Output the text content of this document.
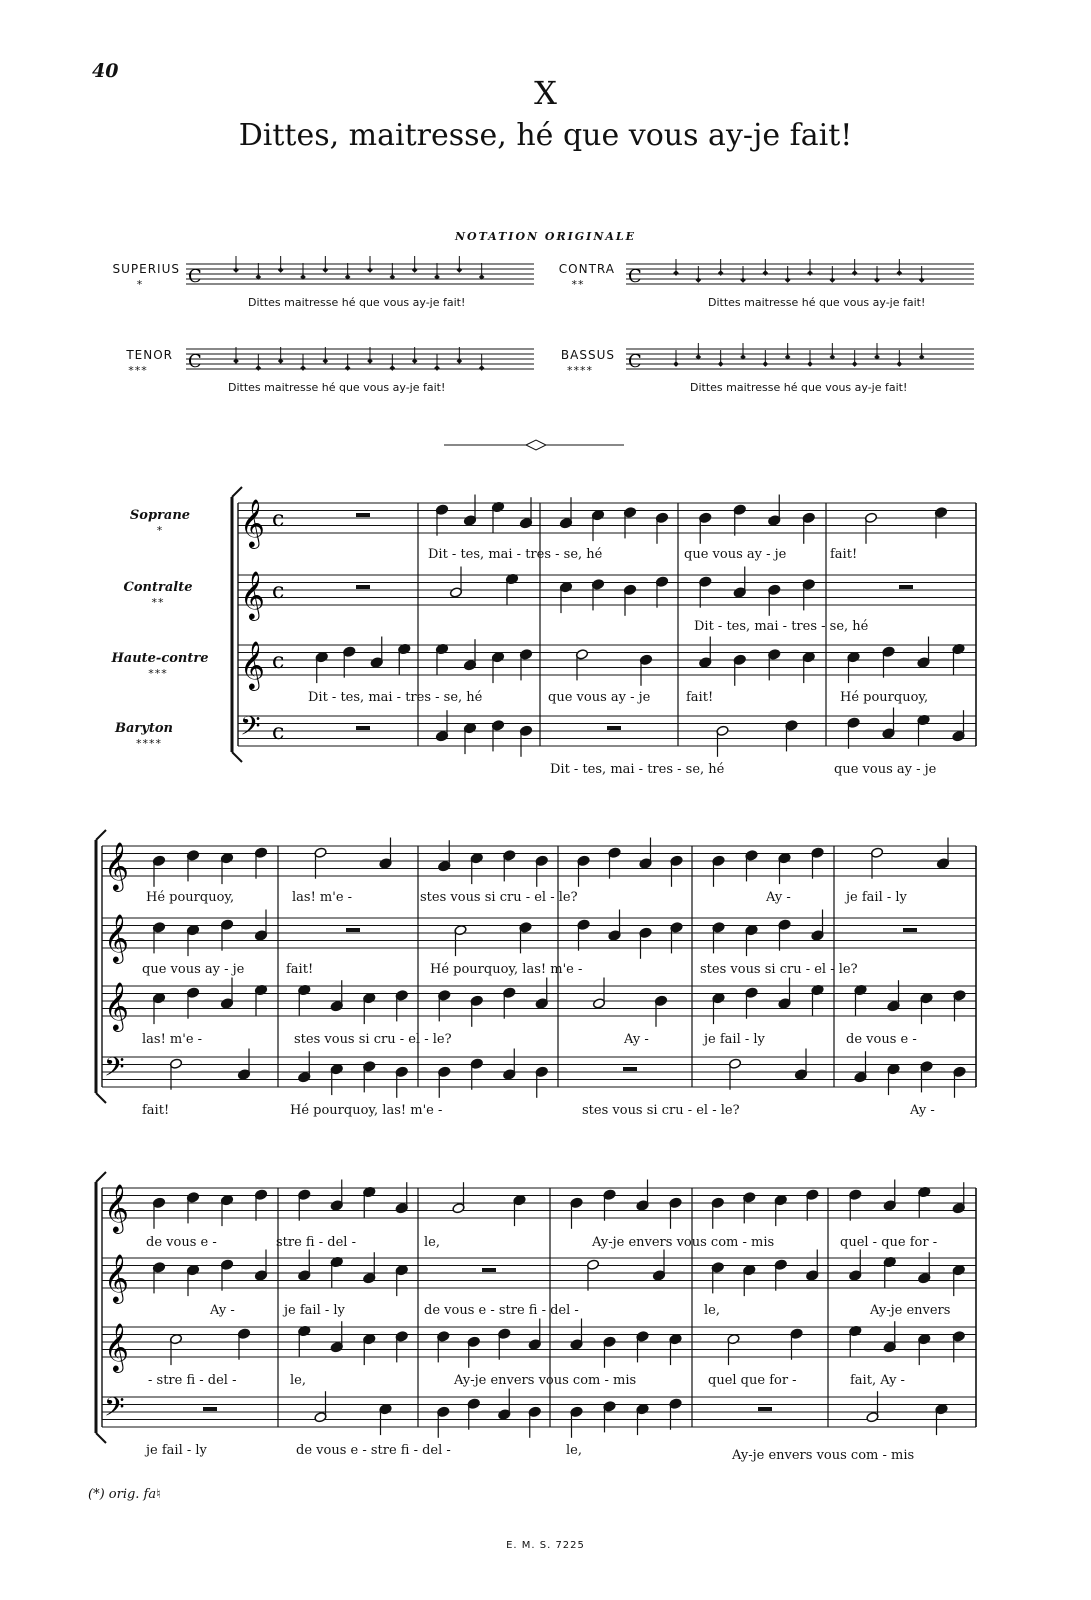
40
X
Dittes, maitresse, hé que vous ay-je fait!
NOTATION ORIGINALE
SUPERIUS
*
Dittes maitresse hé que vous ay-je fait!
CONTRA
**
Dittes maitresse hé que vous ay-je fait!
TENOR
***
Dittes maitresse hé que vous ay-je fait!
BASSUS
****
Dittes maitresse hé que vous ay-je fait!
Soprane
*
Contralte
**
Haute-contre
***
Baryton
****
Dit - tes, mai - tres - se, hé	que vous ay - je	fait!
Dit - tes, mai - tres - se, hé
Dit - tes, mai - tres - se, hé	que vous ay - je	fait!	Hé pourquoy,
Dit - tes, mai - tres - se, hé	que vous ay - je
Hé pourquoy,	las! m'e -	stes vous si cru - el - le?	Ay -	je fail - ly
que vous ay - je	fait!	Hé pourquoy, las! m'e -	stes vous si cru - el - le?
las! m'e -	stes vous si cru - el - le?	Ay -	je fail - ly	de vous e -
fait!	Hé pourquoy, las! m'e -	stes vous si cru - el - le?	Ay -
de vous e -	stre fi - del -	le,	Ay-je envers vous com - mis	quel - que for -
Ay -	je fail - ly	de vous e - stre fi - del -	le,	Ay-je envers
- stre fi - del -	le,	Ay-je envers vous com - mis	quel que for -	fait, Ay -
je fail - ly	de vous e - stre fi - del -	le,	Ay-je envers vous com - mis
(*) orig. fa♮
E. M. S. 7225
C	C
C	C
𝄞 c
𝄞 c
𝄞 c
𝄢 c
𝄞
𝄞
𝄞
𝄢
𝄞
𝄞
𝄞
𝄢
